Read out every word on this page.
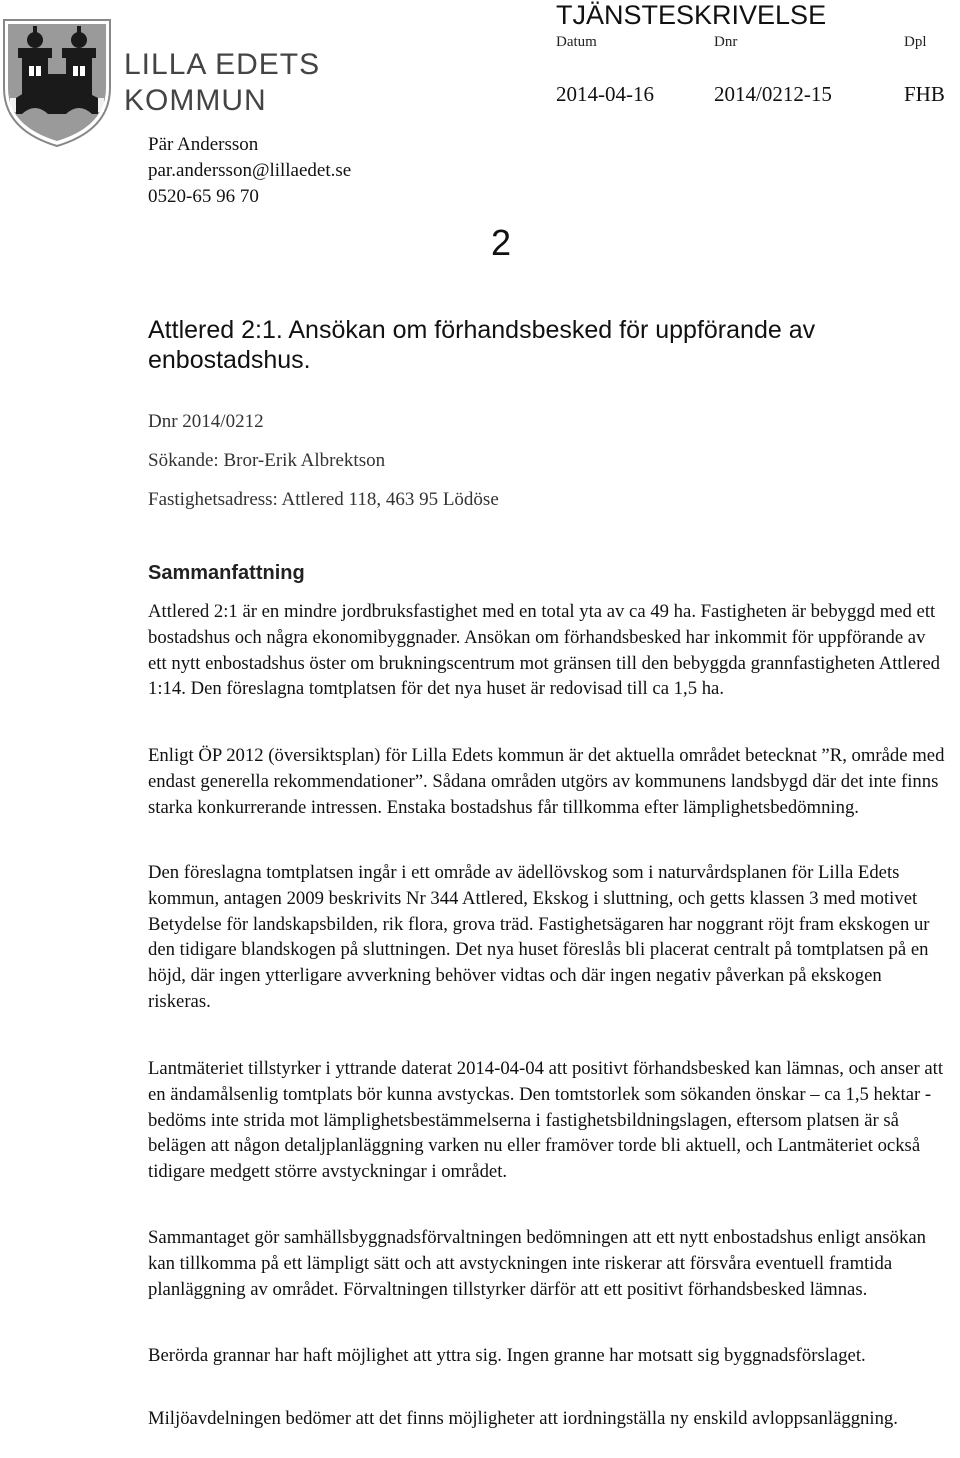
LILLA EDETS
KOMMUN
TJÄNSTESKRIVELSE
Datum	Dnr	Dpl
2014-04-16	2014/0212-15	FHB
Pär Andersson
par.andersson@lillaedet.se
0520-65 96 70
2
Attlered 2:1. Ansökan om förhandsbesked för uppförande av enbostadshus.
Dnr 2014/0212
Sökande: Bror-Erik Albrektson
Fastighetsadress: Attlered 118, 463 95 Lödöse
Sammanfattning

Attlered 2:1 är en mindre jordbruksfastighet med en total yta av ca 49 ha. Fastigheten är bebyggd med ett bostadshus och några ekonomibyggnader. Ansökan om förhandsbesked har inkommit för uppförande av ett nytt enbostadshus öster om brukningscentrum mot gränsen till den bebyggda grannfastigheten Attlered 1:14. Den föreslagna tomtplatsen för det nya huset är redovisad till ca 1,5 ha.

Enligt ÖP 2012 (översiktsplan) för Lilla Edets kommun är det aktuella området betecknat ”R, område med endast generella rekommendationer”. Sådana områden utgörs av kommunens landsbygd där det inte finns starka konkurrerande intressen. Enstaka bostadshus får tillkomma efter lämplighetsbedömning.

Den föreslagna tomtplatsen ingår i ett område av ädellövskog som i naturvårdsplanen för Lilla Edets kommun, antagen 2009 beskrivits Nr 344 Attlered, Ekskog i sluttning, och getts klassen 3 med motivet Betydelse för landskapsbilden, rik flora, grova träd. Fastighetsägaren har noggrant röjt fram ekskogen ur den tidigare blandskogen på sluttningen. Det nya huset föreslås bli placerat centralt på tomtplatsen på en höjd, där ingen ytterligare avverkning behöver vidtas och där ingen negativ påverkan på ekskogen riskeras.

Lantmäteriet tillstyrker i yttrande daterat 2014-04-04 att positivt förhandsbesked kan lämnas, och anser att en ändamålsenlig tomtplats bör kunna avstyckas. Den tomtstorlek som sökanden önskar – ca 1,5 hektar - bedöms inte strida mot lämplighetsbestämmelserna i fastighetsbildningslagen, eftersom platsen är så belägen att någon detaljplanläggning varken nu eller framöver torde bli aktuell, och Lantmäteriet också tidigare medgett större avstyckningar i området.

Sammantaget gör samhällsbyggnadsförvaltningen bedömningen att ett nytt enbostadshus enligt ansökan kan tillkomma på ett lämpligt sätt och att avstyckningen inte riskerar att försvåra eventuell framtida planläggning av området. Förvaltningen tillstyrker därför att ett positivt förhandsbesked lämnas.

Berörda grannar har haft möjlighet att yttra sig. Ingen granne har motsatt sig byggnadsförslaget.

Miljöavdelningen bedömer att det finns möjligheter att iordningställa ny enskild avloppsanläggning.
